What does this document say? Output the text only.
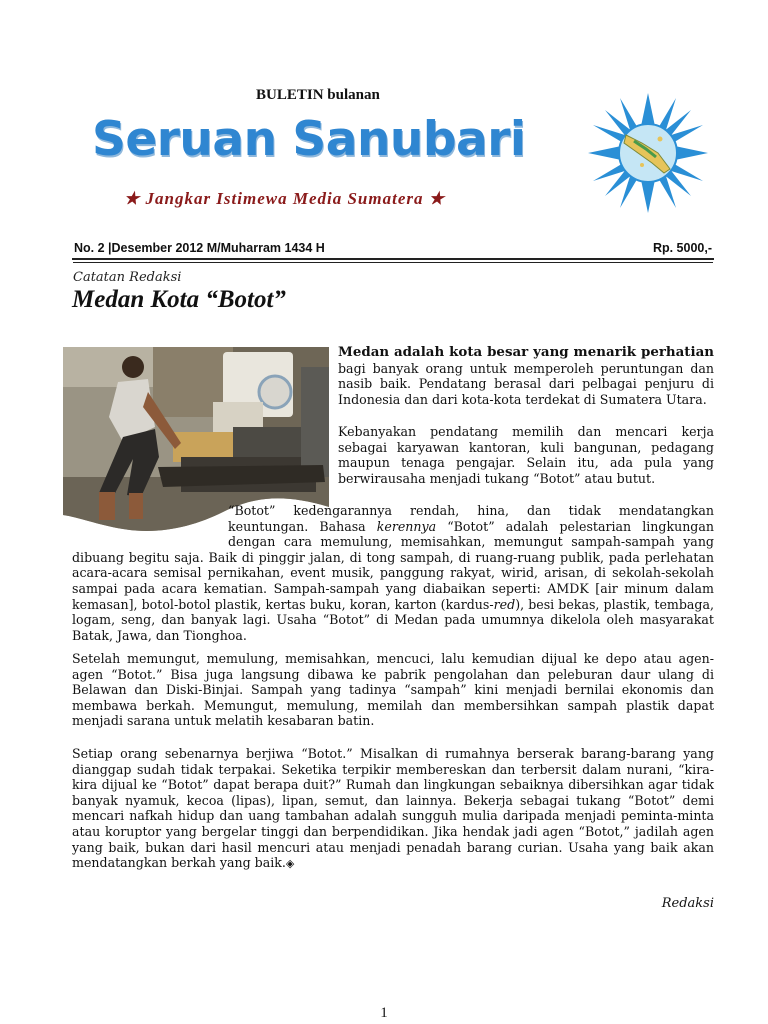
BULETIN bulanan
Seruan Sanubari
★ Jangkar Istimewa Media Sumatera ★
No. 2 |Desember 2012 M/Muharram 1434 H	Rp. 5000,-
Catatan Redaksi
Medan Kota “Botot”
Medan adalah kota besar yang menarik perhatian bagi banyak orang untuk memperoleh peruntungan dan nasib baik. Pendatang berasal dari pelbagai penjuru di Indonesia dan dari kota-kota terdekat di Sumatera Utara.
Kebanyakan pendatang memilih dan mencari kerja sebagai karyawan kantoran, kuli bangunan, pedagang maupun tenaga pengajar. Selain itu, ada pula yang berwirausaha menjadi tukang “Botot” atau butut.
“Botot” kedengarannya rendah, hina, dan tidak mendatangkan keuntungan. Bahasa kerennya “Botot” adalah pelestarian lingkungan dengan cara memulung, memisahkan, memungut sampah-sampah yang dibuang begitu saja. Baik di pinggir jalan, di tong sampah, di ruang-ruang publik, pada perlehatan acara-acara semisal pernikahan, event musik, panggung rakyat, wirid, arisan, di sekolah-sekolah sampai pada acara kematian. Sampah-sampah yang diabaikan seperti: AMDK [air minum dalam kemasan], botol-botol plastik, kertas buku, koran, karton (kardus-red), besi bekas, plastik, tembaga, logam, seng, dan banyak lagi. Usaha “Botot” di Medan pada umumnya dikelola oleh masyarakat Batak, Jawa, dan Tionghoa.
Setelah memungut, memulung, memisahkan, mencuci, lalu kemudian dijual ke depo atau agen-agen “Botot.” Bisa juga langsung dibawa ke pabrik pengolahan dan peleburan daur ulang di Belawan dan Diski-Binjai. Sampah yang tadinya “sampah” kini menjadi bernilai ekonomis dan membawa berkah. Memungut, memulung, memilah dan membersihkan sampah plastik dapat menjadi sarana untuk melatih kesabaran batin.
Setiap orang sebenarnya berjiwa “Botot.” Misalkan di rumahnya berserak barang-barang yang dianggap sudah tidak terpakai. Seketika terpikir membereskan dan terbersit dalam nurani, “kira-kira dijual ke “Botot” dapat berapa duit?” Rumah dan lingkungan sebaiknya dibersihkan agar tidak banyak nyamuk, kecoa (lipas), lipan, semut, dan lainnya. Bekerja sebagai tukang “Botot” demi mencari nafkah hidup dan uang tambahan adalah sungguh mulia daripada menjadi peminta-minta atau koruptor yang bergelar tinggi dan berpendidikan. Jika hendak jadi agen “Botot,” jadilah agen yang baik, bukan dari hasil mencuri atau menjadi penadah barang curian. Usaha yang baik akan mendatangkan berkah yang baik.◈
Redaksi
1
